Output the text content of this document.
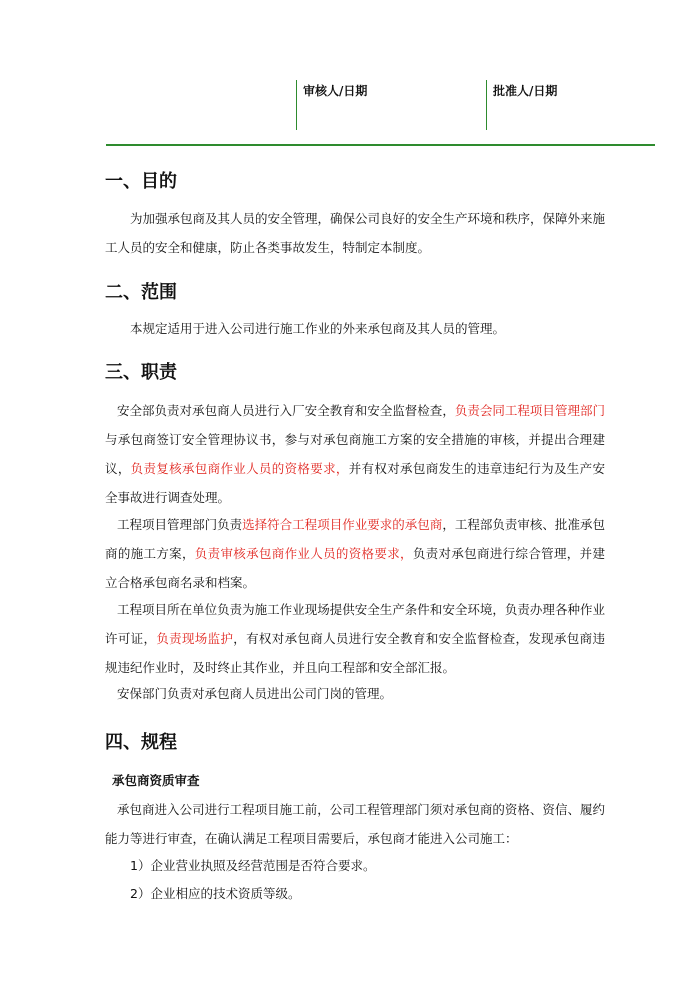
审核人/日期	批准人/日期
一、目的

为加强承包商及其人员的安全管理，确保公司良好的安全生产环境和秩序，保障外来施工人员的安全和健康，防止各类事故发生，特制定本制度。

二、范围

本规定适用于进入公司进行施工作业的外来承包商及其人员的管理。

三、职责

安全部负责对承包商人员进行入厂安全教育和安全监督检查，负责会同工程项目管理部门与承包商签订安全管理协议书，参与对承包商施工方案的安全措施的审核，并提出合理建议，负责复核承包商作业人员的资格要求，并有权对承包商发生的违章违纪行为及生产安全事故进行调查处理。

工程项目管理部门负责选择符合工程项目作业要求的承包商，工程部负责审核、批准承包商的施工方案，负责审核承包商作业人员的资格要求，负责对承包商进行综合管理，并建立合格承包商名录和档案。

工程项目所在单位负责为施工作业现场提供安全生产条件和安全环境，负责办理各种作业许可证，负责现场监护，有权对承包商人员进行安全教育和安全监督检查，发现承包商违规违纪作业时，及时终止其作业，并且向工程部和安全部汇报。

安保部门负责对承包商人员进出公司门岗的管理。

四、规程

承包商资质审查

承包商进入公司进行工程项目施工前，公司工程管理部门须对承包商的资格、资信、履约能力等进行审查，在确认满足工程项目需要后，承包商才能进入公司施工：

1）企业营业执照及经营范围是否符合要求。

2）企业相应的技术资质等级。
